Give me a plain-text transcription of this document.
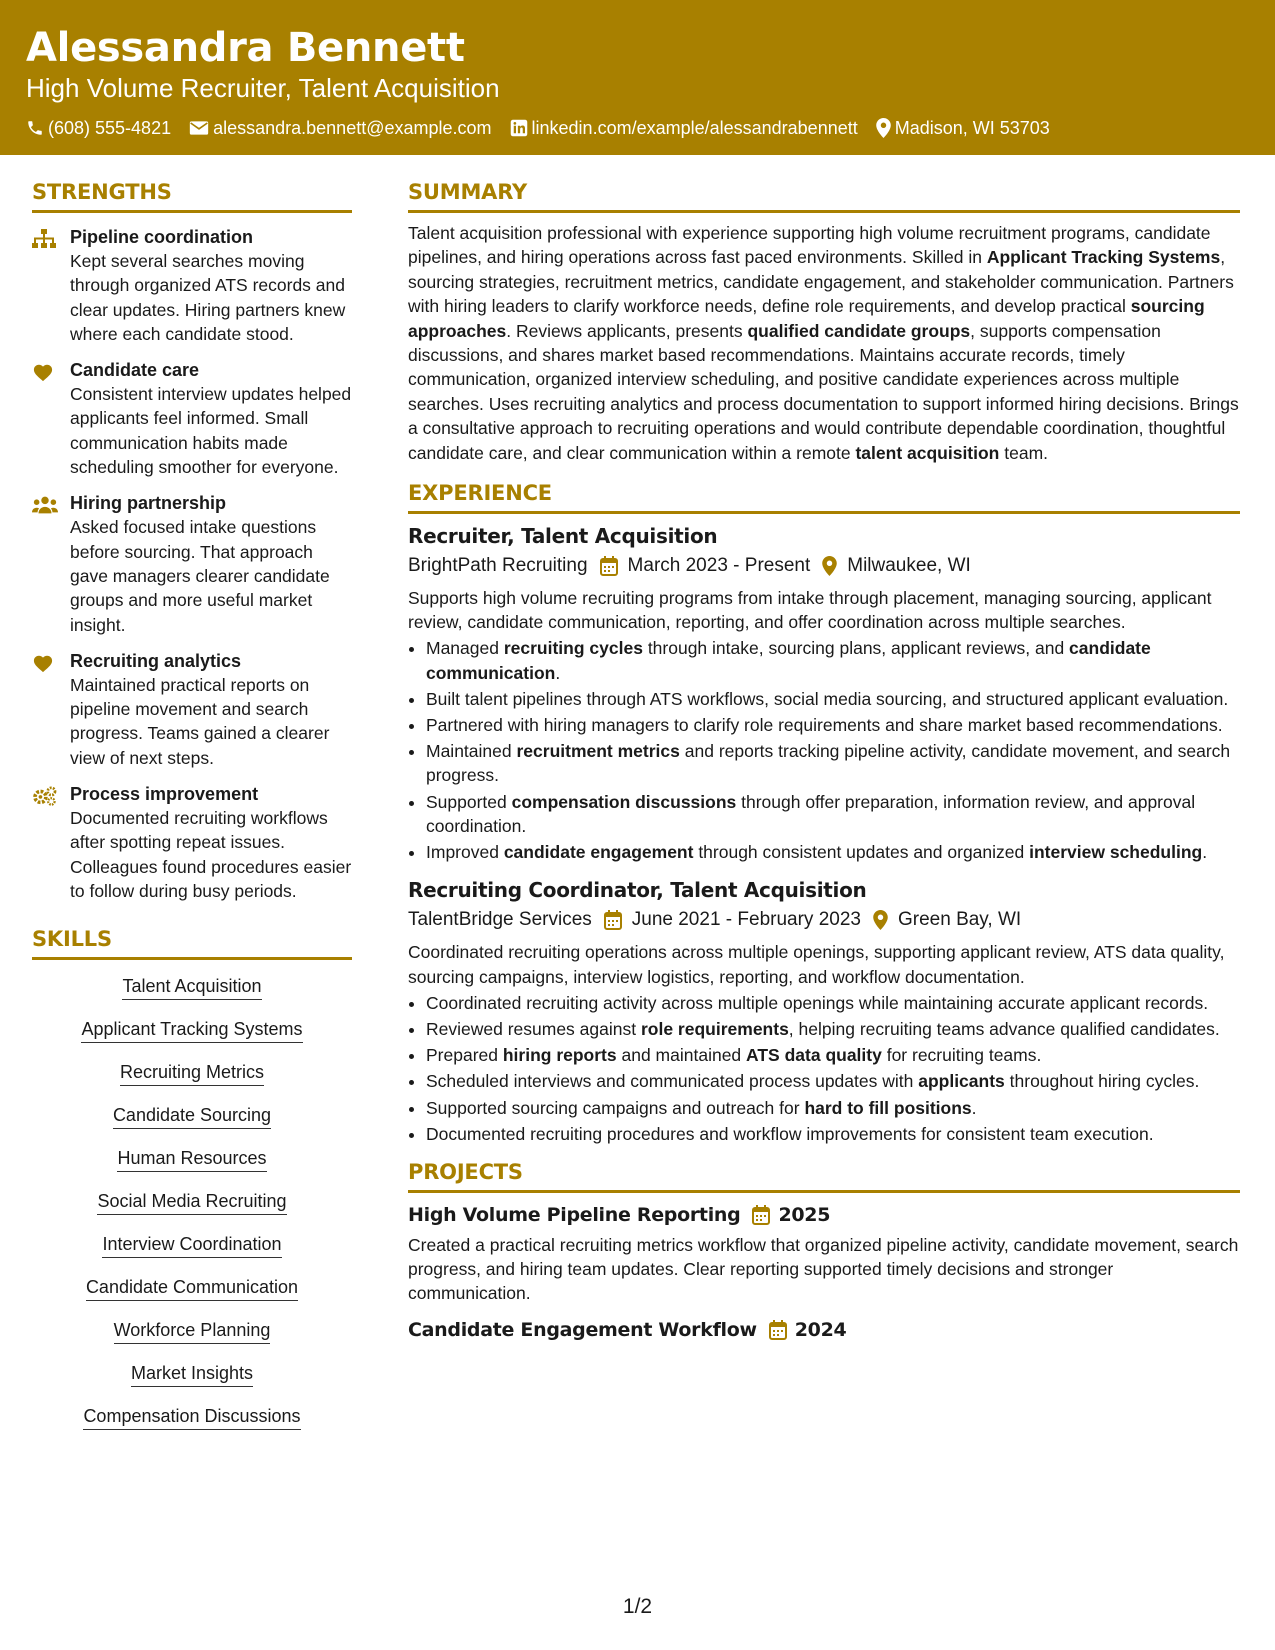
Alessandra Bennett
High Volume Recruiter, Talent Acquisition
(608) 555-4821 alessandra.bennett@example.com linkedin.com/example/alessandrabennett Madison, WI 53703
STRENGTHS
Pipeline coordination
Kept several searches moving through organized ATS records and clear updates. Hiring partners knew where each candidate stood.
Candidate care
Consistent interview updates helped applicants feel informed. Small communication habits made scheduling smoother for everyone.
Hiring partnership
Asked focused intake questions before sourcing. That approach gave managers clearer candidate groups and more useful market insight.
Recruiting analytics
Maintained practical reports on pipeline movement and search progress. Teams gained a clearer view of next steps.
Process improvement
Documented recruiting workflows after spotting repeat issues. Colleagues found procedures easier to follow during busy periods.
SKILLS
Talent Acquisition
Applicant Tracking Systems
Recruiting Metrics
Candidate Sourcing
Human Resources
Social Media Recruiting
Interview Coordination
Candidate Communication
Workforce Planning
Market Insights
Compensation Discussions
SUMMARY
Talent acquisition professional with experience supporting high volume recruitment programs, candidate pipelines, and hiring operations across fast paced environments. Skilled in Applicant Tracking Systems, sourcing strategies, recruitment metrics, candidate engagement, and stakeholder communication. Partners with hiring leaders to clarify workforce needs, define role requirements, and develop practical sourcing approaches. Reviews applicants, presents qualified candidate groups, supports compensation discussions, and shares market based recommendations. Maintains accurate records, timely communication, organized interview scheduling, and positive candidate experiences across multiple searches. Uses recruiting analytics and process documentation to support informed hiring decisions. Brings a consultative approach to recruiting operations and would contribute dependable coordination, thoughtful candidate care, and clear communication within a remote talent acquisition team.
EXPERIENCE
Recruiter, Talent Acquisition
BrightPath Recruiting March 2023 - Present Milwaukee, WI
Supports high volume recruiting programs from intake through placement, managing sourcing, applicant review, candidate communication, reporting, and offer coordination across multiple searches.
• Managed recruiting cycles through intake, sourcing plans, applicant reviews, and candidate communication.
• Built talent pipelines through ATS workflows, social media sourcing, and structured applicant evaluation.
• Partnered with hiring managers to clarify role requirements and share market based recommendations.
• Maintained recruitment metrics and reports tracking pipeline activity, candidate movement, and search progress.
• Supported compensation discussions through offer preparation, information review, and approval coordination.
• Improved candidate engagement through consistent updates and organized interview scheduling.
Recruiting Coordinator, Talent Acquisition
TalentBridge Services June 2021 - February 2023 Green Bay, WI
Coordinated recruiting operations across multiple openings, supporting applicant review, ATS data quality, sourcing campaigns, interview logistics, reporting, and workflow documentation.
• Coordinated recruiting activity across multiple openings while maintaining accurate applicant records.
• Reviewed resumes against role requirements, helping recruiting teams advance qualified candidates.
• Prepared hiring reports and maintained ATS data quality for recruiting teams.
• Scheduled interviews and communicated process updates with applicants throughout hiring cycles.
• Supported sourcing campaigns and outreach for hard to fill positions.
• Documented recruiting procedures and workflow improvements for consistent team execution.
PROJECTS
High Volume Pipeline Reporting 2025
Created a practical recruiting metrics workflow that organized pipeline activity, candidate movement, search progress, and hiring team updates. Clear reporting supported timely decisions and stronger communication.
Candidate Engagement Workflow 2024
1/2
